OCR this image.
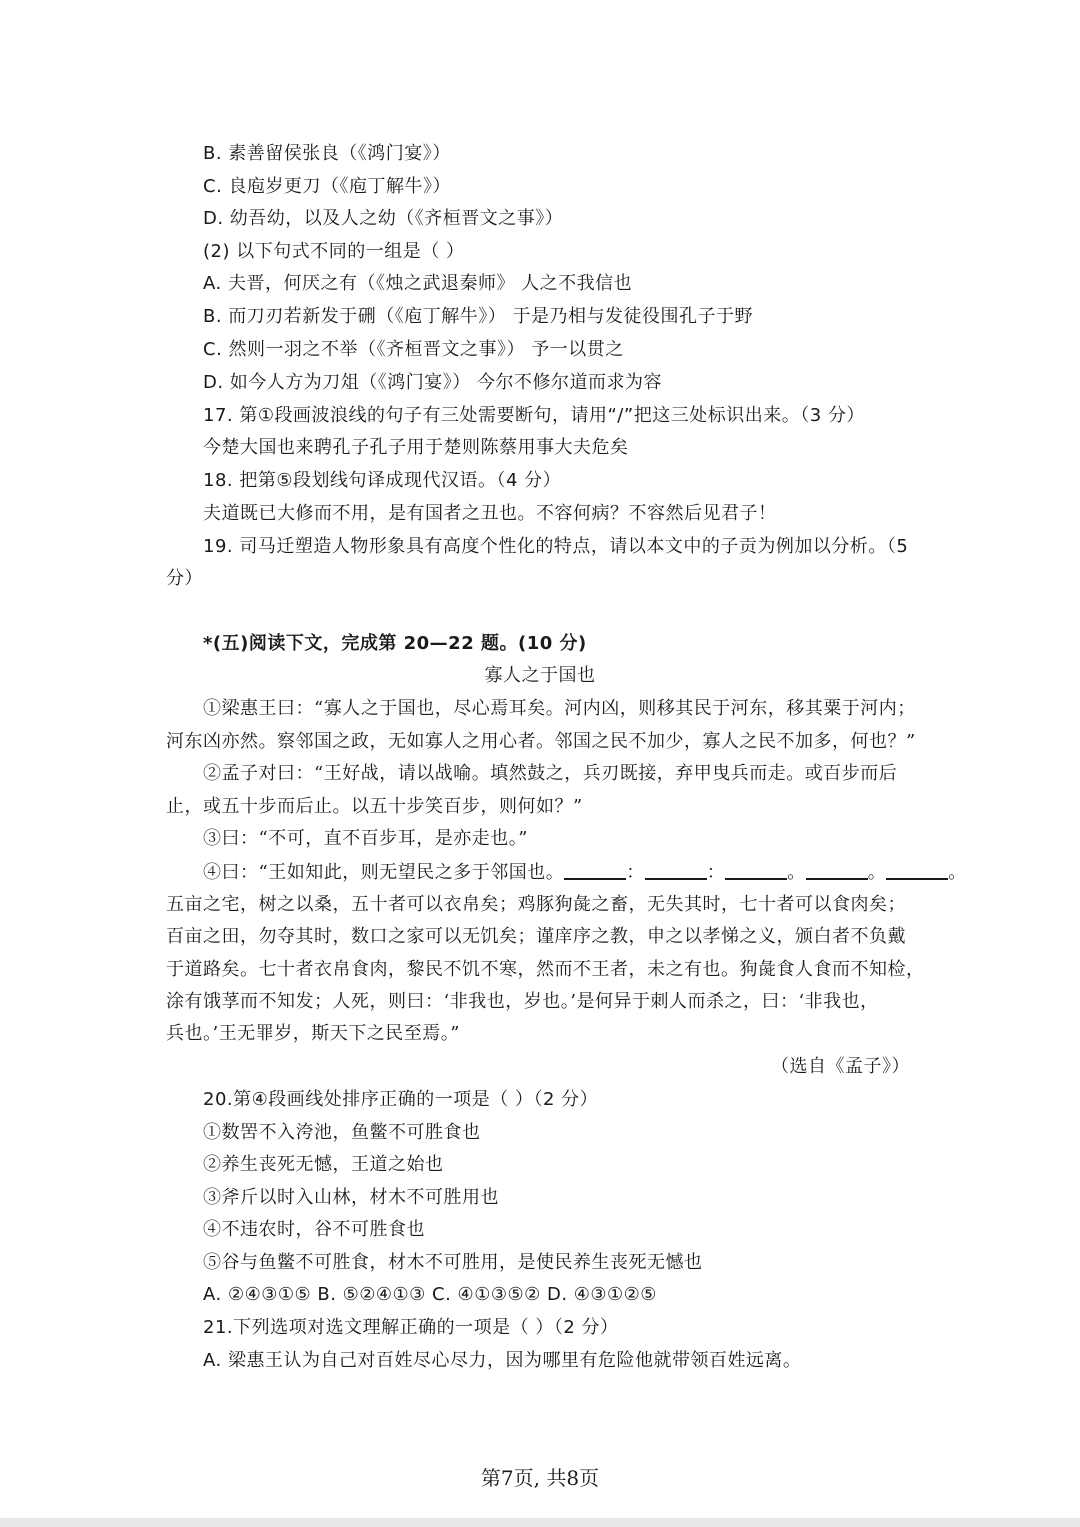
B. 素善留侯张良（《鸿门宴》）
C. 良庖岁更刀（《庖丁解牛》）
D. 幼吾幼，以及人之幼（《齐桓晋文之事》）
(2) 以下句式不同的一组是（ ）
A. 夫晋，何厌之有（《烛之武退秦师》 人之不我信也
B. 而刀刃若新发于硎（《庖丁解牛》） 于是乃相与发徒役围孔子于野
C. 然则一羽之不举（《齐桓晋文之事》） 予一以贯之
D. 如今人方为刀俎（《鸿门宴》） 今尔不修尔道而求为容
17. 第①段画波浪线的句子有三处需要断句，请用“/”把这三处标识出来。（3 分）
今楚大国也来聘孔子孔子用于楚则陈蔡用事大夫危矣
18. 把第⑤段划线句译成现代汉语。（4 分）
夫道既已大修而不用，是有国者之丑也。不容何病？不容然后见君子！
19. 司马迁塑造人物形象具有高度个性化的特点，请以本文中的子贡为例加以分析。（5
分）
*(五)阅读下文，完成第 20—22 题。(10 分)
寡人之于国也
①梁惠王曰：“寡人之于国也，尽心焉耳矣。河内凶，则移其民于河东，移其粟于河内；
河东凶亦然。察邻国之政，无如寡人之用心者。邻国之民不加少，寡人之民不加多，何也？”
②孟子对曰：“王好战，请以战喻。填然鼓之，兵刃既接，弃甲曳兵而走。或百步而后
止，或五十步而后止。以五十步笑百步，则何如？”
③曰：“不可，直不百步耳，是亦走也。”
④曰：“王如知此，则无望民之多于邻国也。	：	：	。	。	。
五亩之宅，树之以桑，五十者可以衣帛矣；鸡豚狗彘之畜，无失其时，七十者可以食肉矣；
百亩之田，勿夺其时，数口之家可以无饥矣；谨庠序之教，申之以孝悌之义，颁白者不负戴
于道路矣。七十者衣帛食肉，黎民不饥不寒，然而不王者，未之有也。狗彘食人食而不知检，
涂有饿莩而不知发；人死，则曰：‘非我也，岁也。’是何异于刺人而杀之，曰：‘非我也，
兵也。’王无罪岁，斯天下之民至焉。”
（选自《孟子》）
20.第④段画线处排序正确的一项是（ ）（2 分）
①数罟不入洿池，鱼鳖不可胜食也
②养生丧死无憾，王道之始也
③斧斤以时入山林，材木不可胜用也
④不违农时，谷不可胜食也
⑤谷与鱼鳖不可胜食，材木不可胜用，是使民养生丧死无憾也
A. ②④③①⑤ B. ⑤②④①③ C. ④①③⑤② D. ④③①②⑤
21.下列选项对选文理解正确的一项是（ ）（2 分）
A. 梁惠王认为自己对百姓尽心尽力，因为哪里有危险他就带领百姓远离。
第7页, 共8页
